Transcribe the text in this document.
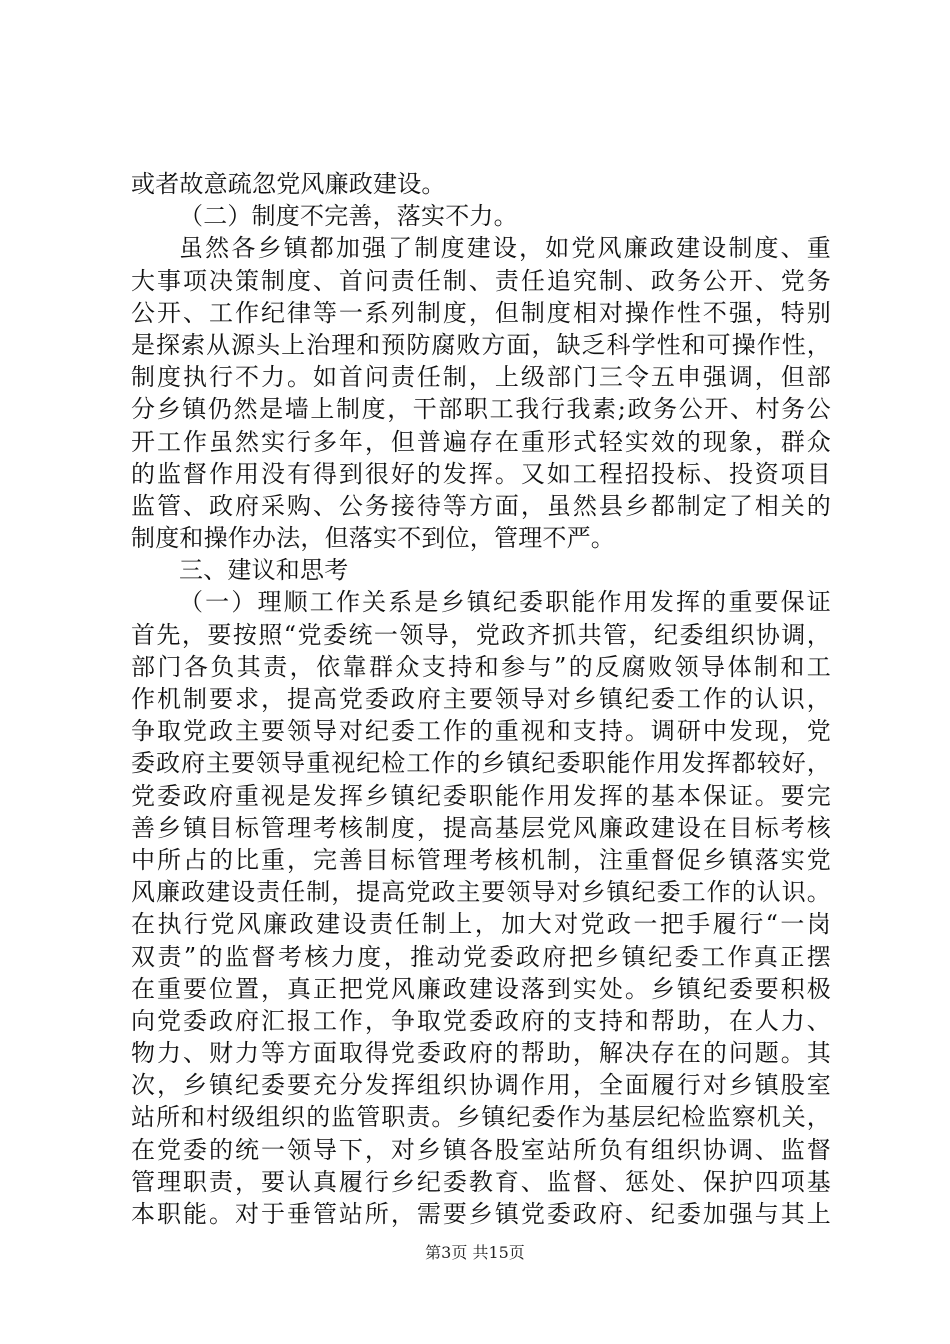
或者故意疏忽党风廉政建设。
（二）制度不完善，落实不力。
虽然各乡镇都加强了制度建设，如党风廉政建设制度、重
大事项决策制度、首问责任制、责任追究制、政务公开、党务
公开、工作纪律等一系列制度，但制度相对操作性不强，特别
是探索从源头上治理和预防腐败方面，缺乏科学性和可操作性，
制度执行不力。如首问责任制，上级部门三令五申强调，但部
分乡镇仍然是墙上制度，干部职工我行我素;政务公开、村务公
开工作虽然实行多年，但普遍存在重形式轻实效的现象，群众
的监督作用没有得到很好的发挥。又如工程招投标、投资项目
监管、政府采购、公务接待等方面，虽然县乡都制定了相关的
制度和操作办法，但落实不到位，管理不严。
三、建议和思考
（一）理顺工作关系是乡镇纪委职能作用发挥的重要保证
首先，要按照“党委统一领导，党政齐抓共管，纪委组织协调，
部门各负其责，依靠群众支持和参与”的反腐败领导体制和工
作机制要求，提高党委政府主要领导对乡镇纪委工作的认识，
争取党政主要领导对纪委工作的重视和支持。调研中发现，党
委政府主要领导重视纪检工作的乡镇纪委职能作用发挥都较好，
党委政府重视是发挥乡镇纪委职能作用发挥的基本保证。要完
善乡镇目标管理考核制度，提高基层党风廉政建设在目标考核
中所占的比重，完善目标管理考核机制，注重督促乡镇落实党
风廉政建设责任制，提高党政主要领导对乡镇纪委工作的认识。
在执行党风廉政建设责任制上，加大对党政一把手履行“一岗
双责”的监督考核力度，推动党委政府把乡镇纪委工作真正摆
在重要位置，真正把党风廉政建设落到实处。乡镇纪委要积极
向党委政府汇报工作，争取党委政府的支持和帮助，在人力、
物力、财力等方面取得党委政府的帮助，解决存在的问题。其
次，乡镇纪委要充分发挥组织协调作用，全面履行对乡镇股室
站所和村级组织的监管职责。乡镇纪委作为基层纪检监察机关，
在党委的统一领导下，对乡镇各股室站所负有组织协调、监督
管理职责，要认真履行乡纪委教育、监督、惩处、保护四项基
本职能。对于垂管站所，需要乡镇党委政府、纪委加强与其上
第3页 共15页
